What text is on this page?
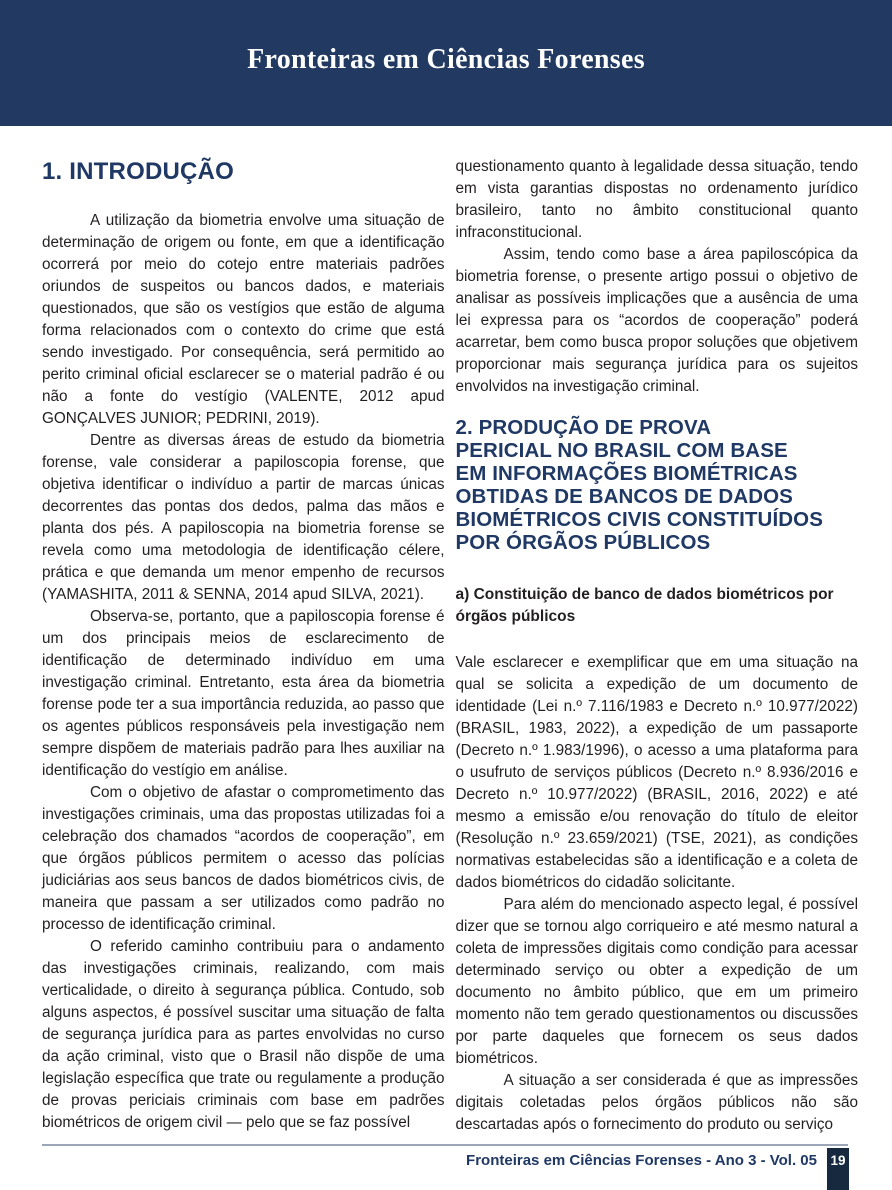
Fronteiras em Ciências Forenses
1. INTRODUÇÃO

A utilização da biometria envolve uma situação de determinação de origem ou fonte, em que a identificação ocorrerá por meio do cotejo entre materiais padrões oriundos de suspeitos ou bancos dados, e materiais questionados, que são os vestígios que estão de alguma forma relacionados com o contexto do crime que está sendo investigado. Por consequência, será permitido ao perito criminal oficial esclarecer se o material padrão é ou não a fonte do vestígio (VALENTE, 2012 apud GONÇALVES JUNIOR; PEDRINI, 2019).

Dentre as diversas áreas de estudo da biometria forense, vale considerar a papiloscopia forense, que objetiva identificar o indivíduo a partir de marcas únicas decorrentes das pontas dos dedos, palma das mãos e planta dos pés. A papiloscopia na biometria forense se revela como uma metodologia de identificação célere, prática e que demanda um menor empenho de recursos (YAMASHITA, 2011 & SENNA, 2014 apud SILVA, 2021).

Observa-se, portanto, que a papiloscopia forense é um dos principais meios de esclarecimento de identificação de determinado indivíduo em uma investigação criminal. Entretanto, esta área da biometria forense pode ter a sua importância reduzida, ao passo que os agentes públicos responsáveis pela investigação nem sempre dispõem de materiais padrão para lhes auxiliar na identificação do vestígio em análise.

Com o objetivo de afastar o comprometimento das investigações criminais, uma das propostas utilizadas foi a celebração dos chamados “acordos de cooperação”, em que órgãos públicos permitem o acesso das polícias judiciárias aos seus bancos de dados biométricos civis, de maneira que passam a ser utilizados como padrão no processo de identificação criminal.

O referido caminho contribuiu para o andamento das investigações criminais, realizando, com mais verticalidade, o direito à segurança pública. Contudo, sob alguns aspectos, é possível suscitar uma situação de falta de segurança jurídica para as partes envolvidas no curso da ação criminal, visto que o Brasil não dispõe de uma legislação específica que trate ou regulamente a produção de provas periciais criminais com base em padrões biométricos de origem civil — pelo que se faz possível

questionamento quanto à legalidade dessa situação, tendo em vista garantias dispostas no ordenamento jurídico brasileiro, tanto no âmbito constitucional quanto infraconstitucional.

Assim, tendo como base a área papiloscópica da biometria forense, o presente artigo possui o objetivo de analisar as possíveis implicações que a ausência de uma lei expressa para os “acordos de cooperação” poderá acarretar, bem como busca propor soluções que objetivem proporcionar mais segurança jurídica para os sujeitos envolvidos na investigação criminal.

2. PRODUÇÃO DE PROVA
PERICIAL NO BRASIL COM BASE
EM INFORMAÇÕES BIOMÉTRICAS
OBTIDAS DE BANCOS DE DADOS
BIOMÉTRICOS CIVIS CONSTITUÍDOS
POR ÓRGÃOS PÚBLICOS
a) Constituição de banco de dados biométricos por órgãos públicos

Vale esclarecer e exemplificar que em uma situação na qual se solicita a expedição de um documento de identidade (Lei n.º 7.116/1983 e Decreto n.º 10.977/2022) (BRASIL, 1983, 2022), a expedição de um passaporte (Decreto n.º 1.983/1996), o acesso a uma plataforma para o usufruto de serviços públicos (Decreto n.º 8.936/2016 e Decreto n.º 10.977/2022) (BRASIL, 2016, 2022) e até mesmo a emissão e/ou renovação do título de eleitor (Resolução n.º 23.659/2021) (TSE, 2021), as condições normativas estabelecidas são a identificação e a coleta de dados biométricos do cidadão solicitante.

Para além do mencionado aspecto legal, é possível dizer que se tornou algo corriqueiro e até mesmo natural a coleta de impressões digitais como condição para acessar determinado serviço ou obter a expedição de um documento no âmbito público, que em um primeiro momento não tem gerado questionamentos ou discussões por parte daqueles que fornecem os seus dados biométricos.

A situação a ser considerada é que as impressões digitais coletadas pelos órgãos públicos não são descartadas após o fornecimento do produto ou serviço

Fronteiras em Ciências Forenses - Ano 3 - Vol. 05 19
